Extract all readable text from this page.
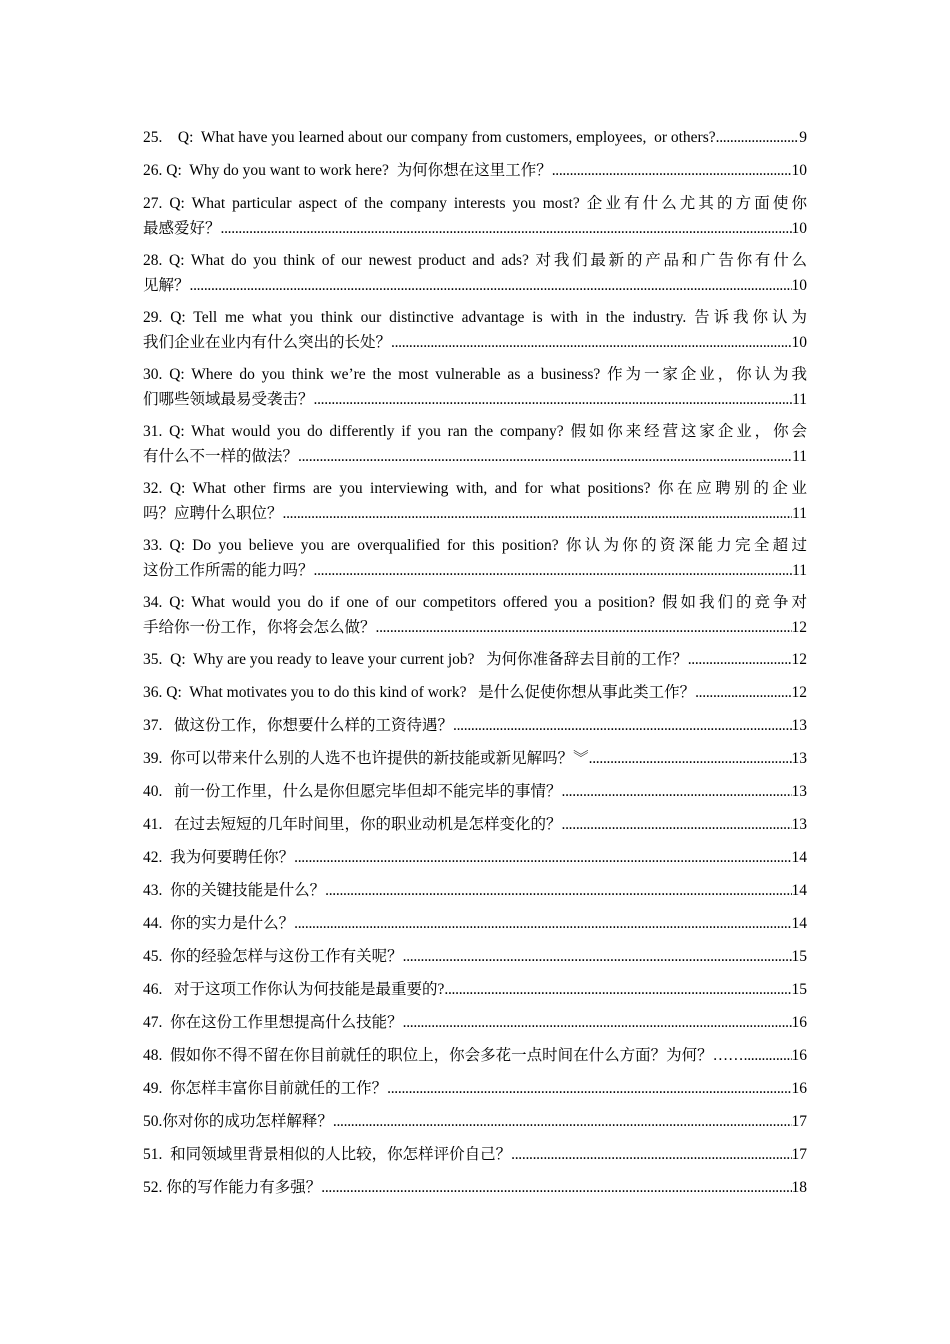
25.    Q:  What have you learned about our company from customers, employees,  or others? .....	9
26. Q:  Why do you want to work here?  为何你想在这里工作？ .....	10
27. Q: What particular aspect of the company interests you most? 企业有什么尤其的方面使你
最感爱好？ .....	10
28. Q: What do you think of our newest product and ads? 对我们最新的产品和广告你有什么
见解？ .....	10
29. Q: Tell me what you think our distinctive advantage is with in the industry. 告诉我你认为
我们企业在业内有什么突出的长处？ .....	10
30. Q: Where do you think we’re the most vulnerable as a business? 作为一家企业，你认为我
们哪些领域最易受袭击？ .....	11
31. Q: What would you do differently if you ran the company? 假如你来经营这家企业，你会
有什么不一样的做法？ .....	11
32. Q: What other firms are you interviewing with, and for what positions? 你在应聘别的企业
吗？应聘什么职位？ .....	11
33. Q: Do you believe you are overqualified for this position? 你认为你的资深能力完全超过
这份工作所需的能力吗？ .....	11
34. Q: What would you do if one of our competitors offered you a position? 假如我们的竞争对
手给你一份工作，你将会怎么做？ .....	12
35.  Q:  Why are you ready to leave your current job?   为何你准备辞去目前的工作？ .....	12
36. Q:  What motivates you to do this kind of work?   是什么促使你想从事此类工作？ .....	12
37.   做这份工作，你想要什么样的工资待遇？ .....	13
39.  你可以带来什么别的人选不也许提供的新技能或新见解吗？︾ .....	13
40.   前一份工作里，什么是你但愿完毕但却不能完毕的事情？ .....	13
41.   在过去短短的几年时间里，你的职业动机是怎样变化的？ .....	13
42.  我为何要聘任你？ .....	14
43.  你的关键技能是什么？ .....	14
44.  你的实力是什么？ .....	14
45.  你的经验怎样与这份工作有关呢？ .....	15
46.   对于这项工作你认为何技能是最重要的? .....	15
47.  你在这份工作里想提高什么技能？ .....	16
48.  假如你不得不留在你目前就任的职位上，你会多花一点时间在什么方面？为何？…… .....	16
49.  你怎样丰富你目前就任的工作？ .....	16
50.你对你的成功怎样解释？ .....	17
51.  和同领域里背景相似的人比较，你怎样评价自己？ .....	17
52. 你的写作能力有多强？ .....	18
